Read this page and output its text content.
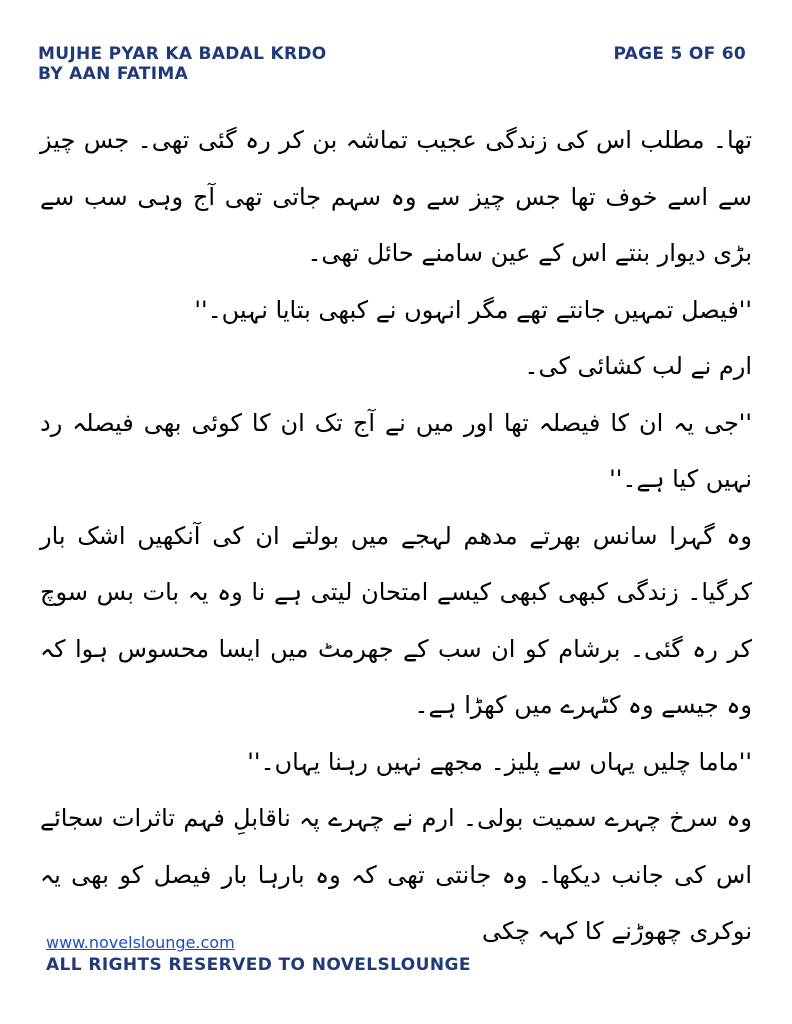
MUJHE PYAR KA BADAL KRDO
BY AAN FATIMA
PAGE 5 OF 60

تھا۔ مطلب اس کی زندگی عجیب تماشہ بن کر رہ گئی تھی۔ جس چیز سے اسے خوف تھا جس چیز سے وہ سہم جاتی تھی آج وہی سب سے بڑی دیوار بنتے اس کے عین سامنے حائل تھی۔

''فیصل تمہیں جانتے تھے مگر انہوں نے کبھی بتایا نہیں۔''

ارم نے لب کشائی کی۔

''جی یہ ان کا فیصلہ تھا اور میں نے آج تک ان کا کوئی بھی فیصلہ رد نہیں کیا ہے۔''

وہ گہرا سانس بھرتے مدھم لہجے میں بولتے ان کی آنکھیں اشک بار کرگیا۔ زندگی کبھی کبھی کیسے امتحان لیتی ہے نا وہ یہ بات بس سوچ کر رہ گئی۔ برشام کو ان سب کے جھرمٹ میں ایسا محسوس ہوا کہ وہ جیسے وہ کٹہرے میں کھڑا ہے۔

''ماما چلیں یہاں سے پلیز۔ مجھے نہیں رہنا یہاں۔''

وہ سرخ چہرے سمیت بولی۔ ارم نے چہرے پہ ناقابلِ فہم تاثرات سجائے اس کی جانب دیکھا۔ وہ جانتی تھی کہ وہ بارہا بار فیصل کو بھی یہ نوکری چھوڑنے کا کہہ چکی

www.novelslounge.com
ALL RIGHTS RESERVED TO NOVELSLOUNGE
